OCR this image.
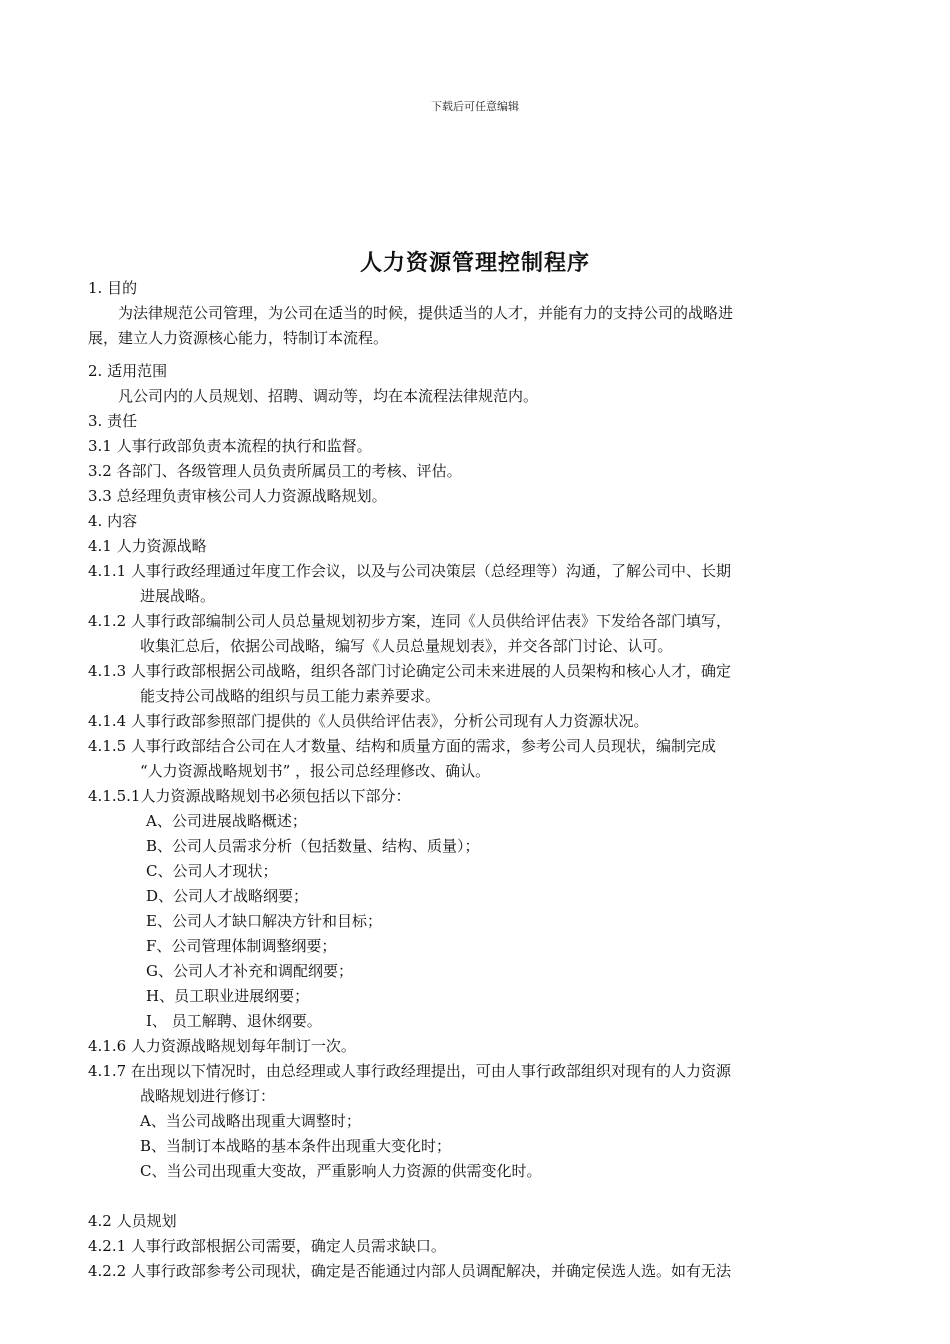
下载后可任意编辑
人力资源管理控制程序
1. 目的
为法律规范公司管理，为公司在适当的时候，提供适当的人才，并能有力的支持公司的战略进
展，建立人力资源核心能力，特制订本流程。
2. 适用范围
凡公司内的人员规划、招聘、调动等，均在本流程法律规范内。
3. 责任
3.1 人事行政部负责本流程的执行和监督。
3.2 各部门、各级管理人员负责所属员工的考核、评估。
3.3 总经理负责审核公司人力资源战略规划。
4. 内容
4.1 人力资源战略
4.1.1 人事行政经理通过年度工作会议，以及与公司决策层（总经理等）沟通，了解公司中、长期
进展战略。
4.1.2 人事行政部编制公司人员总量规划初步方案，连同《人员供给评估表》下发给各部门填写，
收集汇总后，依据公司战略，编写《人员总量规划表》，并交各部门讨论、认可。
4.1.3 人事行政部根据公司战略，组织各部门讨论确定公司未来进展的人员架构和核心人才，确定
能支持公司战略的组织与员工能力素养要求。
4.1.4 人事行政部参照部门提供的《人员供给评估表》，分析公司现有人力资源状况。
4.1.5 人事行政部结合公司在人才数量、结构和质量方面的需求，参考公司人员现状，编制完成
“人力资源战略规划书” ，报公司总经理修改、确认。
4.1.5.1人力资源战略规划书必须包括以下部分：
A、公司进展战略概述；
B、公司人员需求分析（包括数量、结构、质量）；
C、公司人才现状；
D、公司人才战略纲要；
E、公司人才缺口解决方针和目标；
F、公司管理体制调整纲要；
G、公司人才补充和调配纲要；
H、员工职业进展纲要；
I、 员工解聘、退休纲要。
4.1.6 人力资源战略规划每年制订一次。
4.1.7 在出现以下情况时，由总经理或人事行政经理提出，可由人事行政部组织对现有的人力资源
战略规划进行修订：
A、当公司战略出现重大调整时；
B、当制订本战略的基本条件出现重大变化时；
C、当公司出现重大变故，严重影响人力资源的供需变化时。
4.2 人员规划
4.2.1 人事行政部根据公司需要，确定人员需求缺口。
4.2.2 人事行政部参考公司现状，确定是否能通过内部人员调配解决，并确定侯选人选。如有无法
